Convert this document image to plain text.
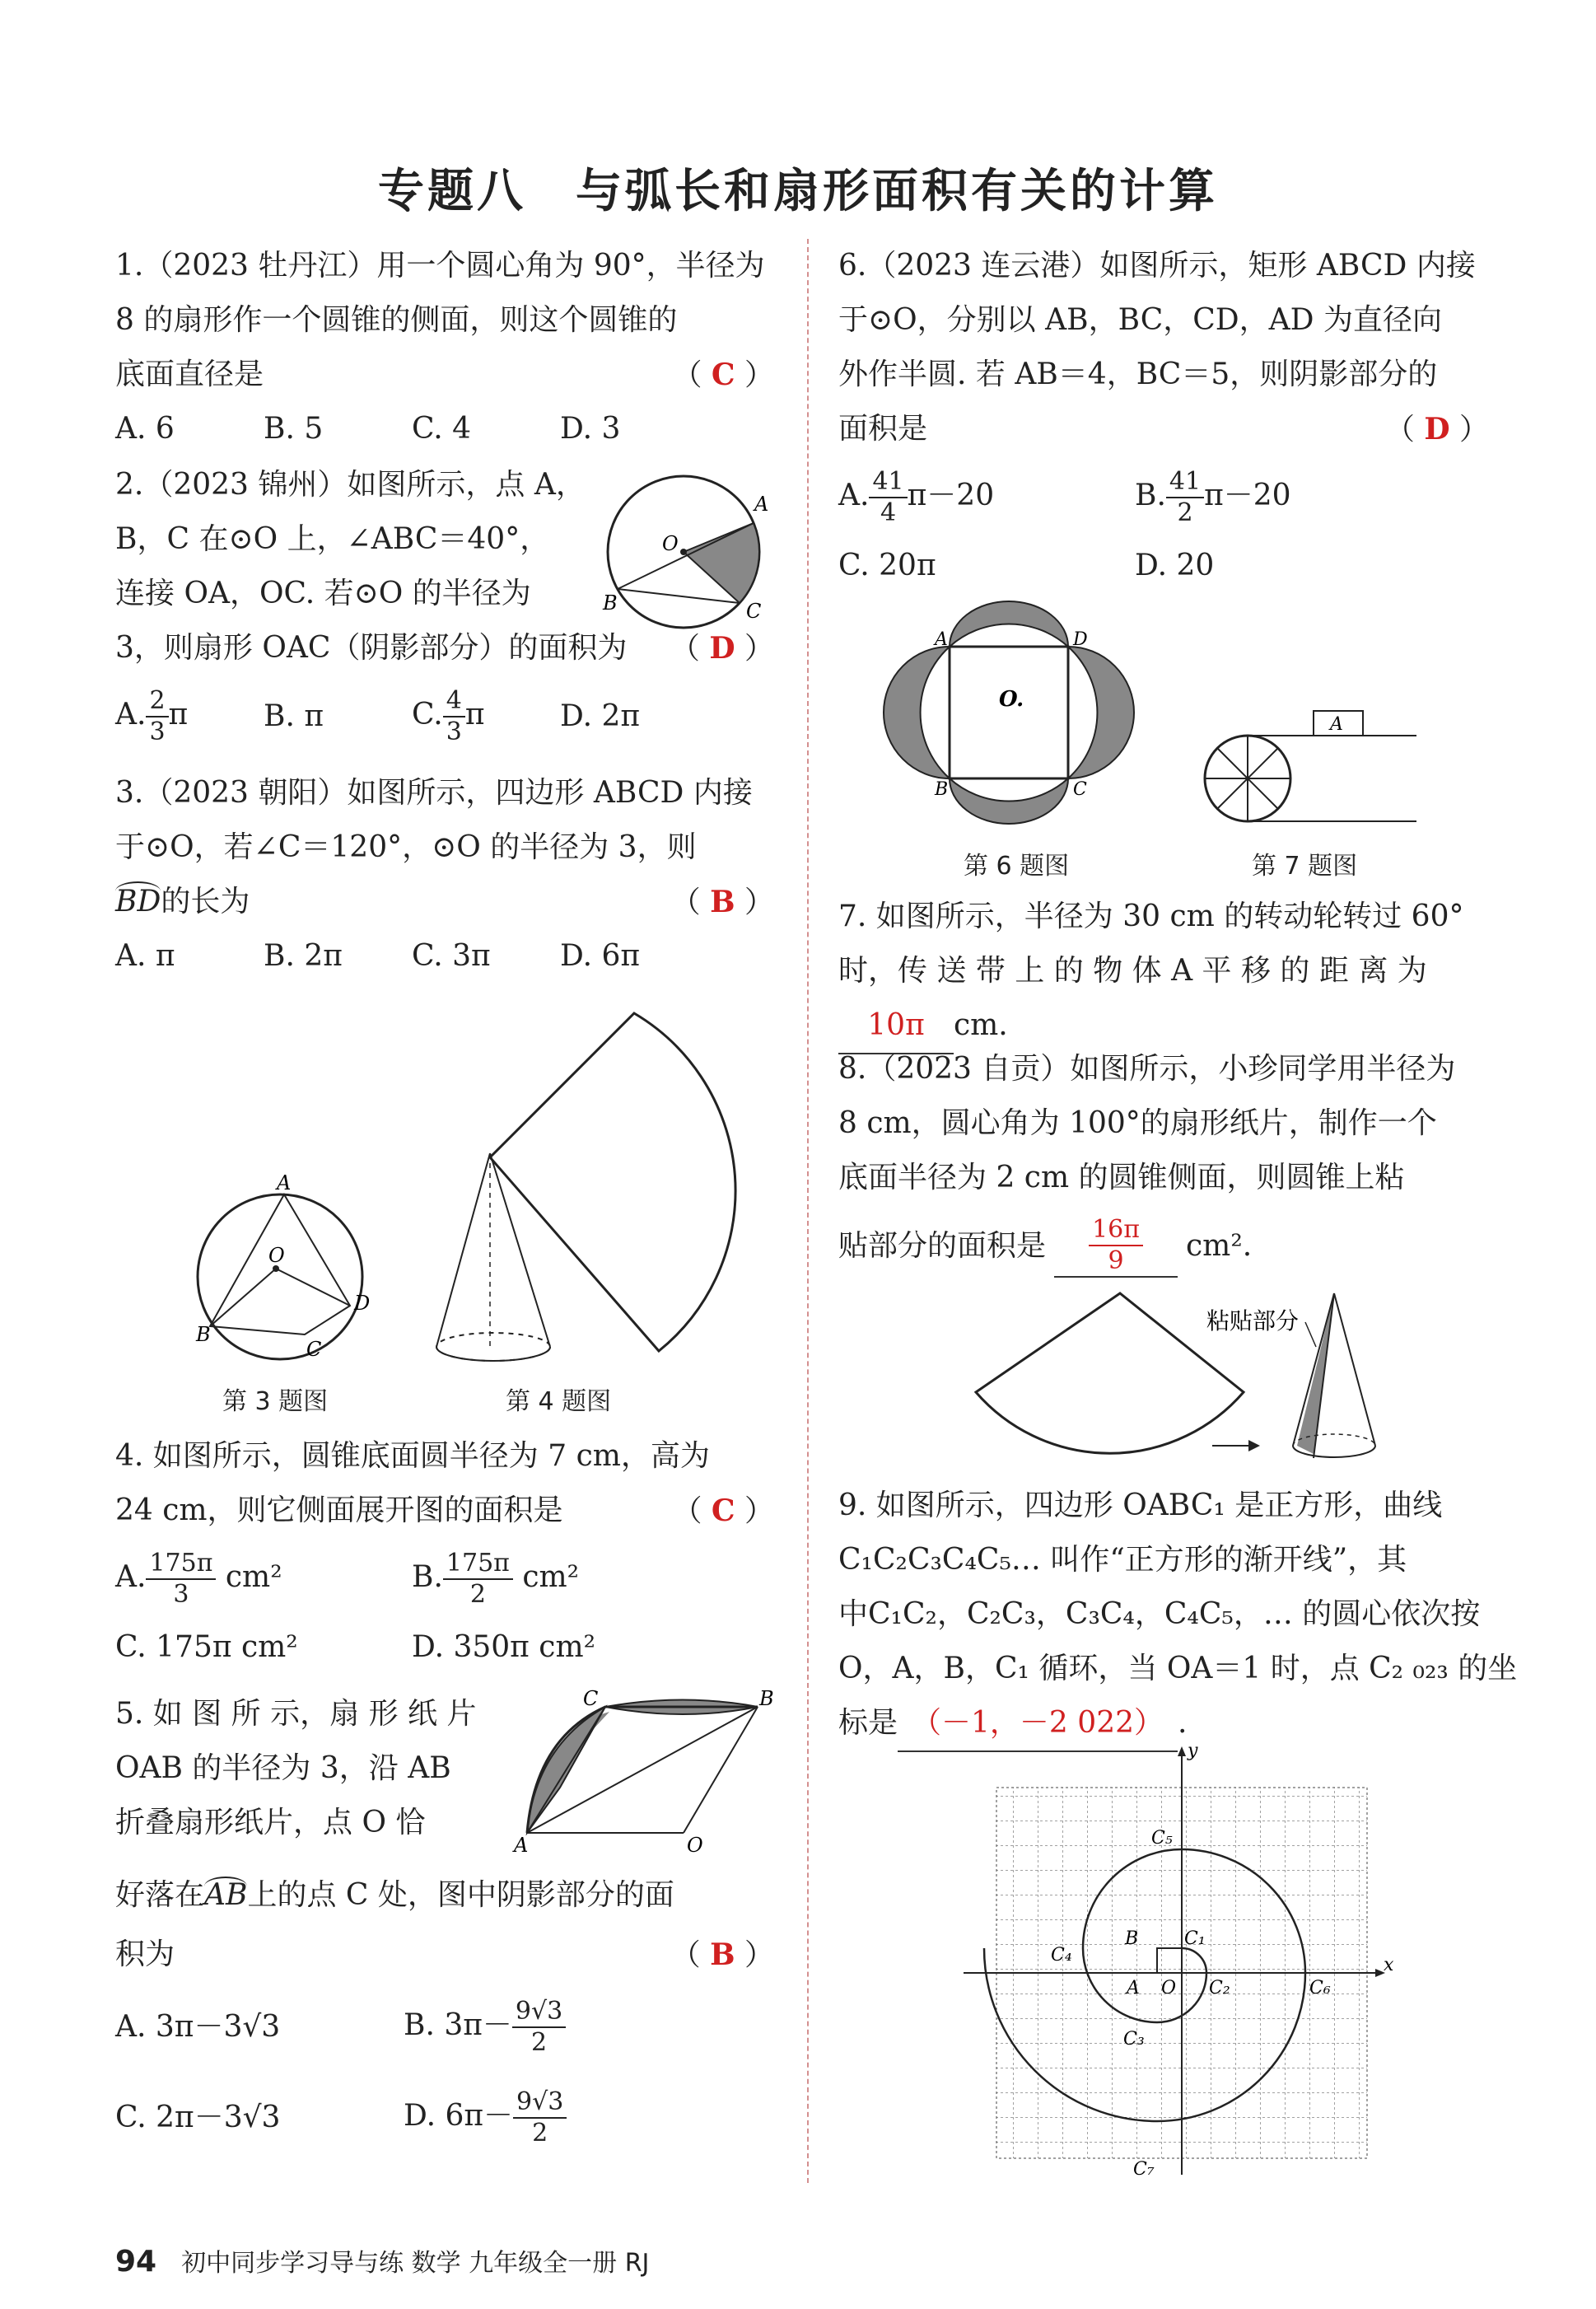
专题八　与弧长和扇形面积有关的计算
1.（2023 牡丹江）用一个圆心角为 90°，半径为
8 的扇形作一个圆锥的侧面，则这个圆锥的
底面直径是	（ C ）
A. 6	B. 5	C. 4	D. 3
2.（2023 锦州）如图所示，点 A，
B，C 在⊙O 上，∠ABC＝40°，
连接 OA，OC. 若⊙O 的半径为
3，则扇形 OAC（阴影部分）的面积为 （ D ）
A. $\frac{2}{3}$ π	B. π	C. $\frac{4}{3}$ π	D. 2π
A
B	C
O
3.（2023 朝阳）如图所示，四边形 ABCD 内接
于⊙O，若∠C＝120°，⊙O 的半径为 3，则
BD的长为	（ B ）
A. π	B. 2π	C. 3π	D. 6π
A
B
C
D
O
第 3 题图	第 4 题图
4. 如图所示，圆锥底面圆半径为 7 cm，高为
24 cm，则它侧面展开图的面积是	（ C ）
A. $\frac{175\pi}{3} cm^2$	B. $\frac{175\pi}{2} cm^2$
C. 175π cm²	D. 350π cm²
5. 如 图 所 示，扇 形 纸 片
OAB 的半径为 3，沿 AB
折叠扇形纸片，点 O 恰
好落在AB上的点 C 处，图中阴影部分的面
积为	（ B ）
A. 3π－3√3	B. $3\pi- \frac{9√3}{2}$
C. 2π－3√3	D. $6\pi- \frac{9√3}{2}$
A
B
C
O
6.（2023 连云港）如图所示，矩形 ABCD 内接
于⊙O，分别以 AB，BC，CD，AD 为直径向
外作半圆. 若 AB＝4，BC＝5，则阴影部分的
面积是	（ D ）
A. $\frac{41}{4} \pi-20$	B. $\frac{41}{2} \pi-20$
C. 20π	D. 20
A	D
B	C
O.
A
第 6 题图	第 7 题图
7. 如图所示，半径为 30 cm 的转动轮转过 60°
时，传 送 带 上 的 物 体 A 平 移 的 距 离 为
10π cm.
8.（2023 自贡）如图所示，小珍同学用半径为
8 cm，圆心角为 100°的扇形纸片，制作一个
底面半径为 2 cm 的圆锥侧面，则圆锥上粘
贴部分的面积是 $\frac{16\pi}{9} cm^2$.
粘贴部分
9. 如图所示，四边形 OABC₁ 是正方形，曲线
C₁C₂C₃C₄C₅… 叫作“正方形的渐开线”，其
中C₁C₂，C₂C₃，C₃C₄，C₄C₅，… 的圆心依次按
O，A，B，C₁ 循环，当 OA＝1 时，点 C₂ ₀₂₃ 的坐
标是 （－1，－2 022） .
x
y
A O
B	C₁
C₂
C₃
C₄
C₅
C₆
C₇
94 初中同步学习导与练 数学 九年级全一册 RJ
